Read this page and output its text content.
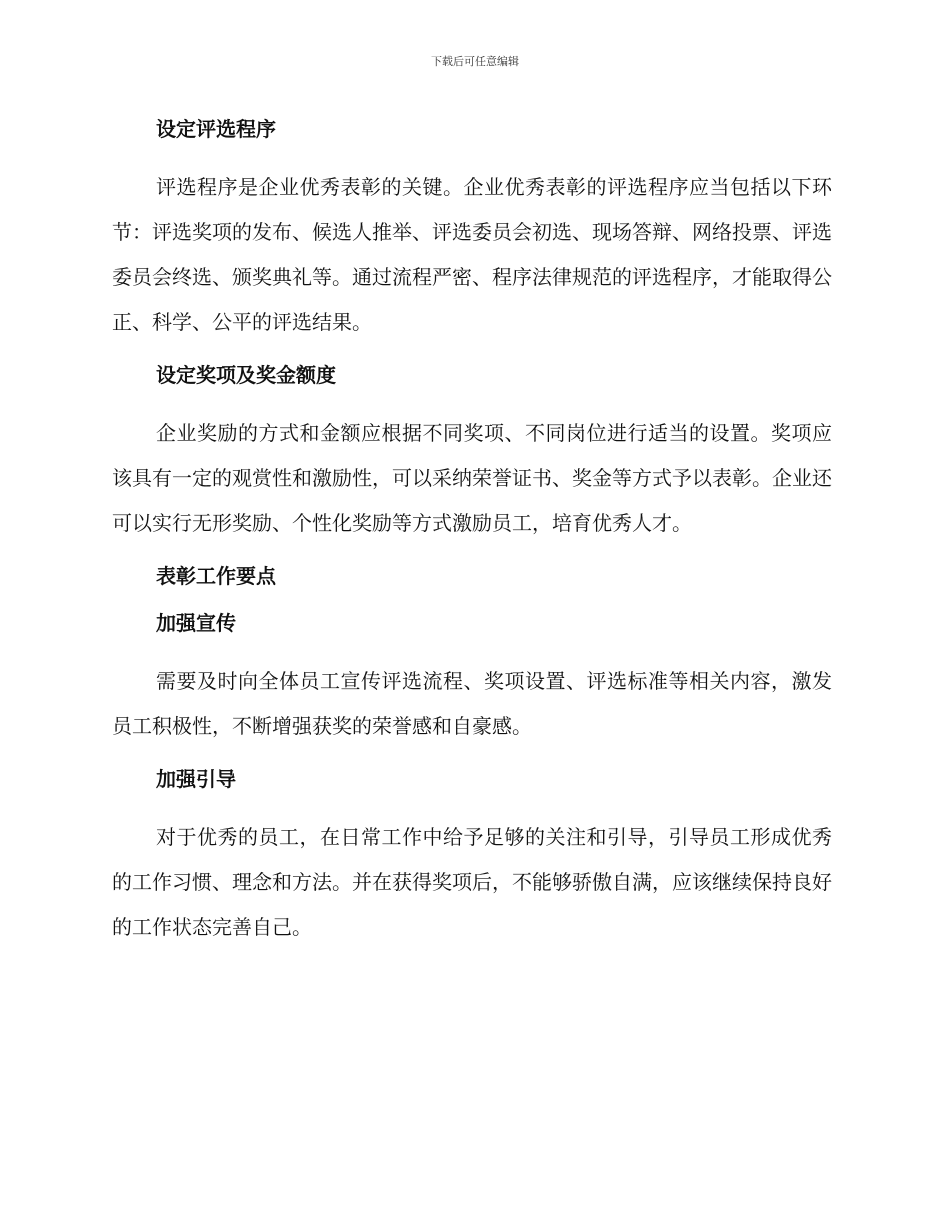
下载后可任意编辑
设定评选程序

评选程序是企业优秀表彰的关键。企业优秀表彰的评选程序应当包括以下环节：评选奖项的发布、候选人推举、评选委员会初选、现场答辩、网络投票、评选委员会终选、颁奖典礼等。通过流程严密、程序法律规范的评选程序，才能取得公正、科学、公平的评选结果。

设定奖项及奖金额度

企业奖励的方式和金额应根据不同奖项、不同岗位进行适当的设置。奖项应该具有一定的观赏性和激励性，可以采纳荣誉证书、奖金等方式予以表彰。企业还可以实行无形奖励、个性化奖励等方式激励员工，培育优秀人才。

表彰工作要点
加强宣传

需要及时向全体员工宣传评选流程、奖项设置、评选标准等相关内容，激发员工积极性，不断增强获奖的荣誉感和自豪感。

加强引导

对于优秀的员工，在日常工作中给予足够的关注和引导，引导员工形成优秀的工作习惯、理念和方法。并在获得奖项后，不能够骄傲自满，应该继续保持良好的工作状态完善自己。
